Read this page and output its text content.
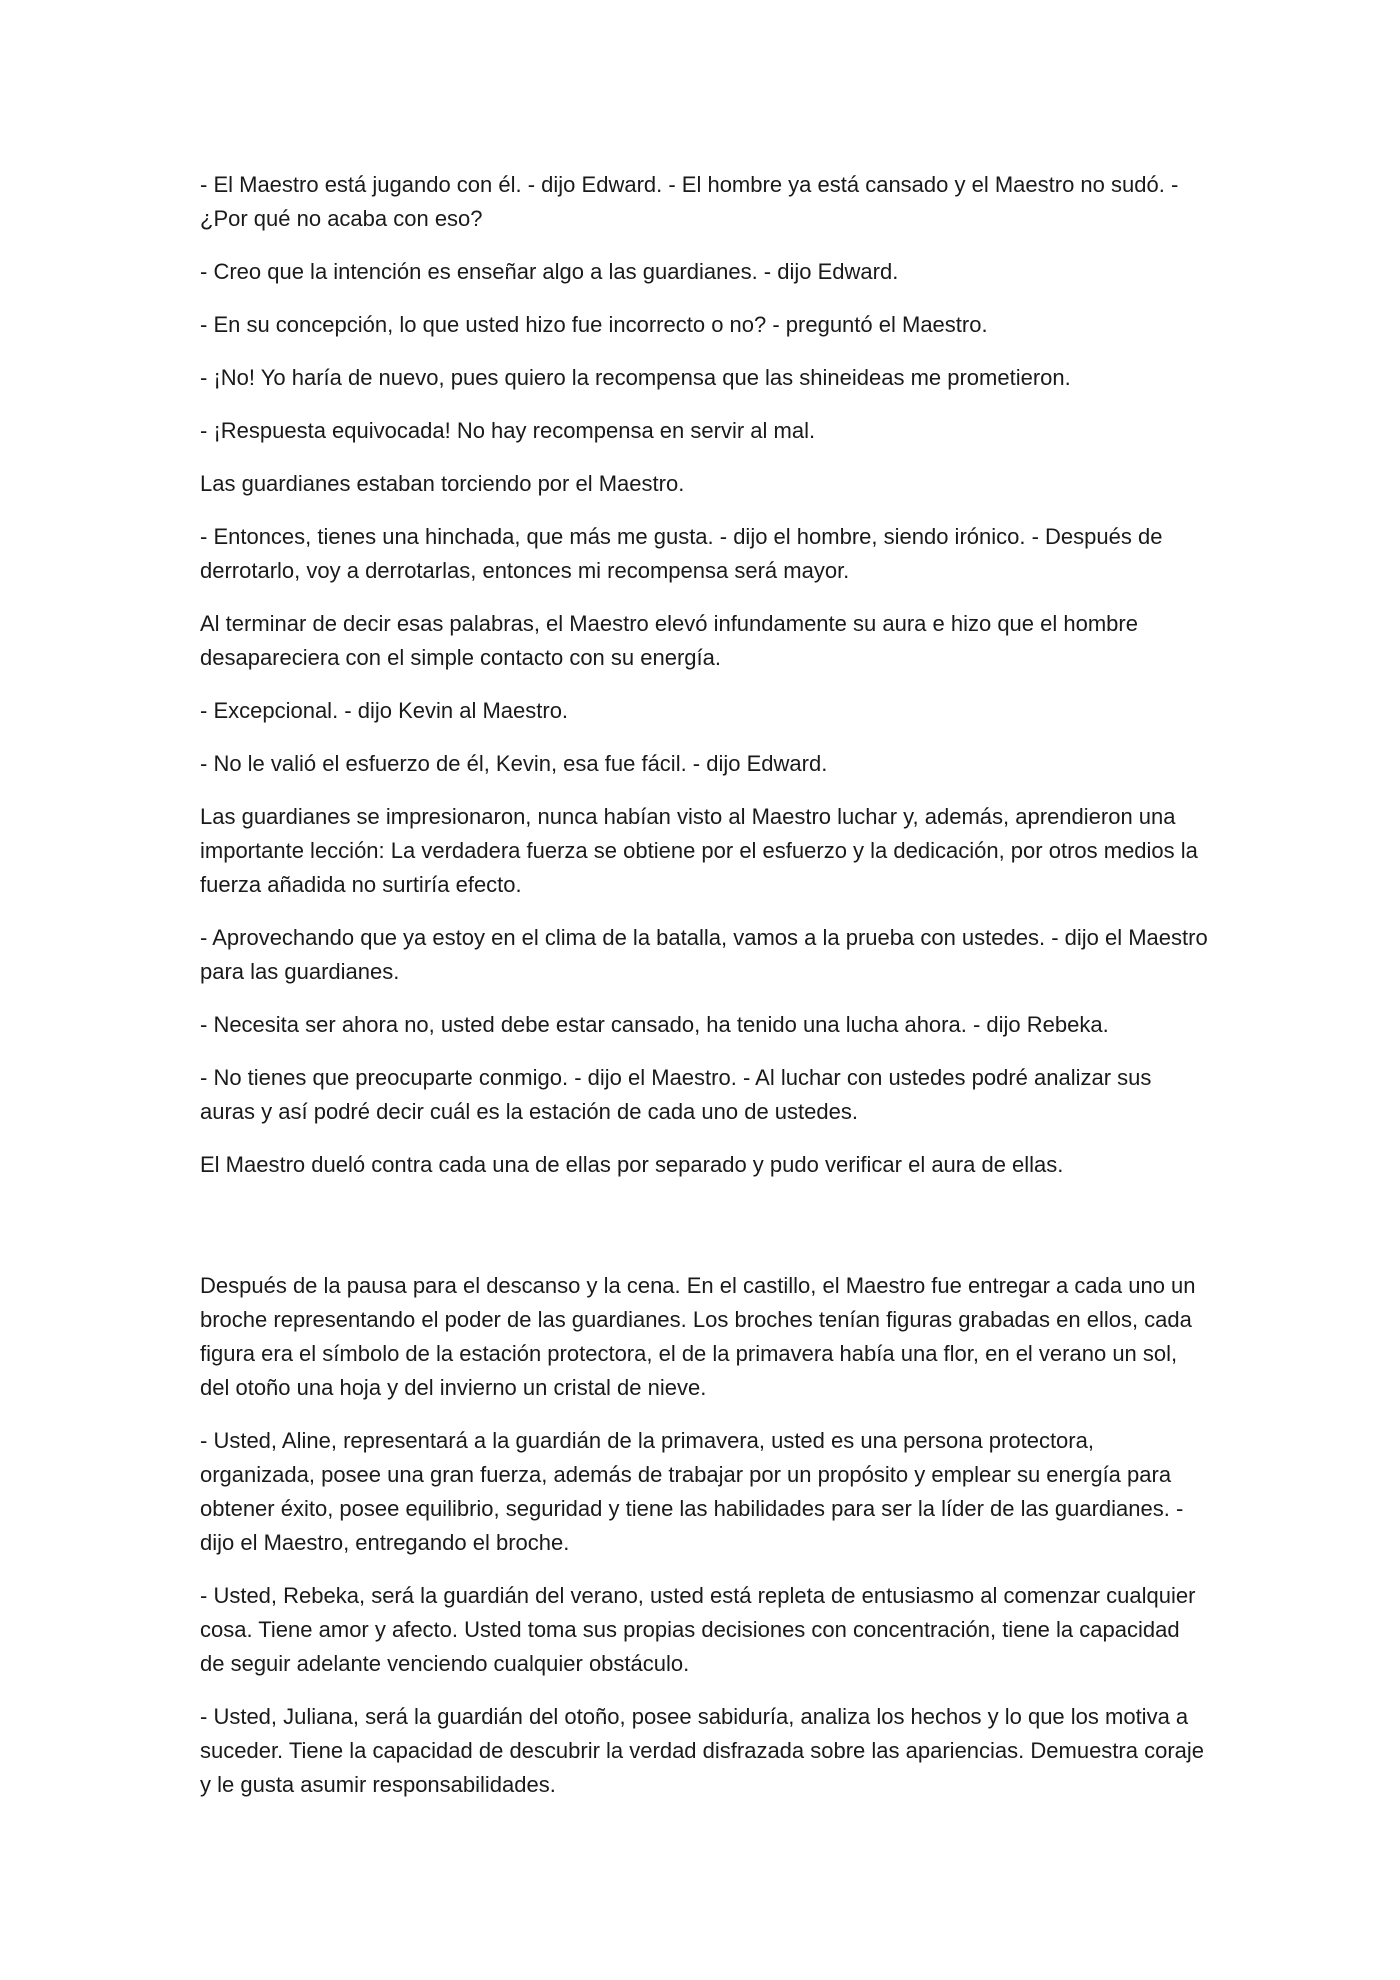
- El Maestro está jugando con él. - dijo Edward. - El hombre ya está cansado y el Maestro no sudó. - ¿Por qué no acaba con eso?

- Creo que la intención es enseñar algo a las guardianes. - dijo Edward.

- En su concepción, lo que usted hizo fue incorrecto o no? - preguntó el Maestro.

- ¡No! Yo haría de nuevo, pues quiero la recompensa que las shineideas me prometieron.

- ¡Respuesta equivocada! No hay recompensa en servir al mal.

Las guardianes estaban torciendo por el Maestro.

- Entonces, tienes una hinchada, que más me gusta. - dijo el hombre, siendo irónico. - Después de derrotarlo, voy a derrotarlas, entonces mi recompensa será mayor.

Al terminar de decir esas palabras, el Maestro elevó infundamente su aura e hizo que el hombre desapareciera con el simple contacto con su energía.

- Excepcional. - dijo Kevin al Maestro.

- No le valió el esfuerzo de él, Kevin, esa fue fácil. - dijo Edward.

Las guardianes se impresionaron, nunca habían visto al Maestro luchar y, además, aprendieron una importante lección: La verdadera fuerza se obtiene por el esfuerzo y la dedicación, por otros medios la fuerza añadida no surtiría efecto.

- Aprovechando que ya estoy en el clima de la batalla, vamos a la prueba con ustedes. - dijo el Maestro para las guardianes.

- Necesita ser ahora no, usted debe estar cansado, ha tenido una lucha ahora. - dijo Rebeka.

- No tienes que preocuparte conmigo. - dijo el Maestro. - Al luchar con ustedes podré analizar sus auras y así podré decir cuál es la estación de cada uno de ustedes.

El Maestro dueló contra cada una de ellas por separado y pudo verificar el aura de ellas.

Después de la pausa para el descanso y la cena. En el castillo, el Maestro fue entregar a cada uno un broche representando el poder de las guardianes. Los broches tenían figuras grabadas en ellos, cada figura era el símbolo de la estación protectora, el de la primavera había una flor, en el verano un sol, del otoño una hoja y del invierno un cristal de nieve.

- Usted, Aline, representará a la guardián de la primavera, usted es una persona protectora, organizada, posee una gran fuerza, además de trabajar por un propósito y emplear su energía para obtener éxito, posee equilibrio, seguridad y tiene las habilidades para ser la líder de las guardianes. - dijo el Maestro, entregando el broche.

- Usted, Rebeka, será la guardián del verano, usted está repleta de entusiasmo al comenzar cualquier cosa. Tiene amor y afecto. Usted toma sus propias decisiones con concentración, tiene la capacidad de seguir adelante venciendo cualquier obstáculo.

- Usted, Juliana, será la guardián del otoño, posee sabiduría, analiza los hechos y lo que los motiva a suceder. Tiene la capacidad de descubrir la verdad disfrazada sobre las apariencias. Demuestra coraje y le gusta asumir responsabilidades.
